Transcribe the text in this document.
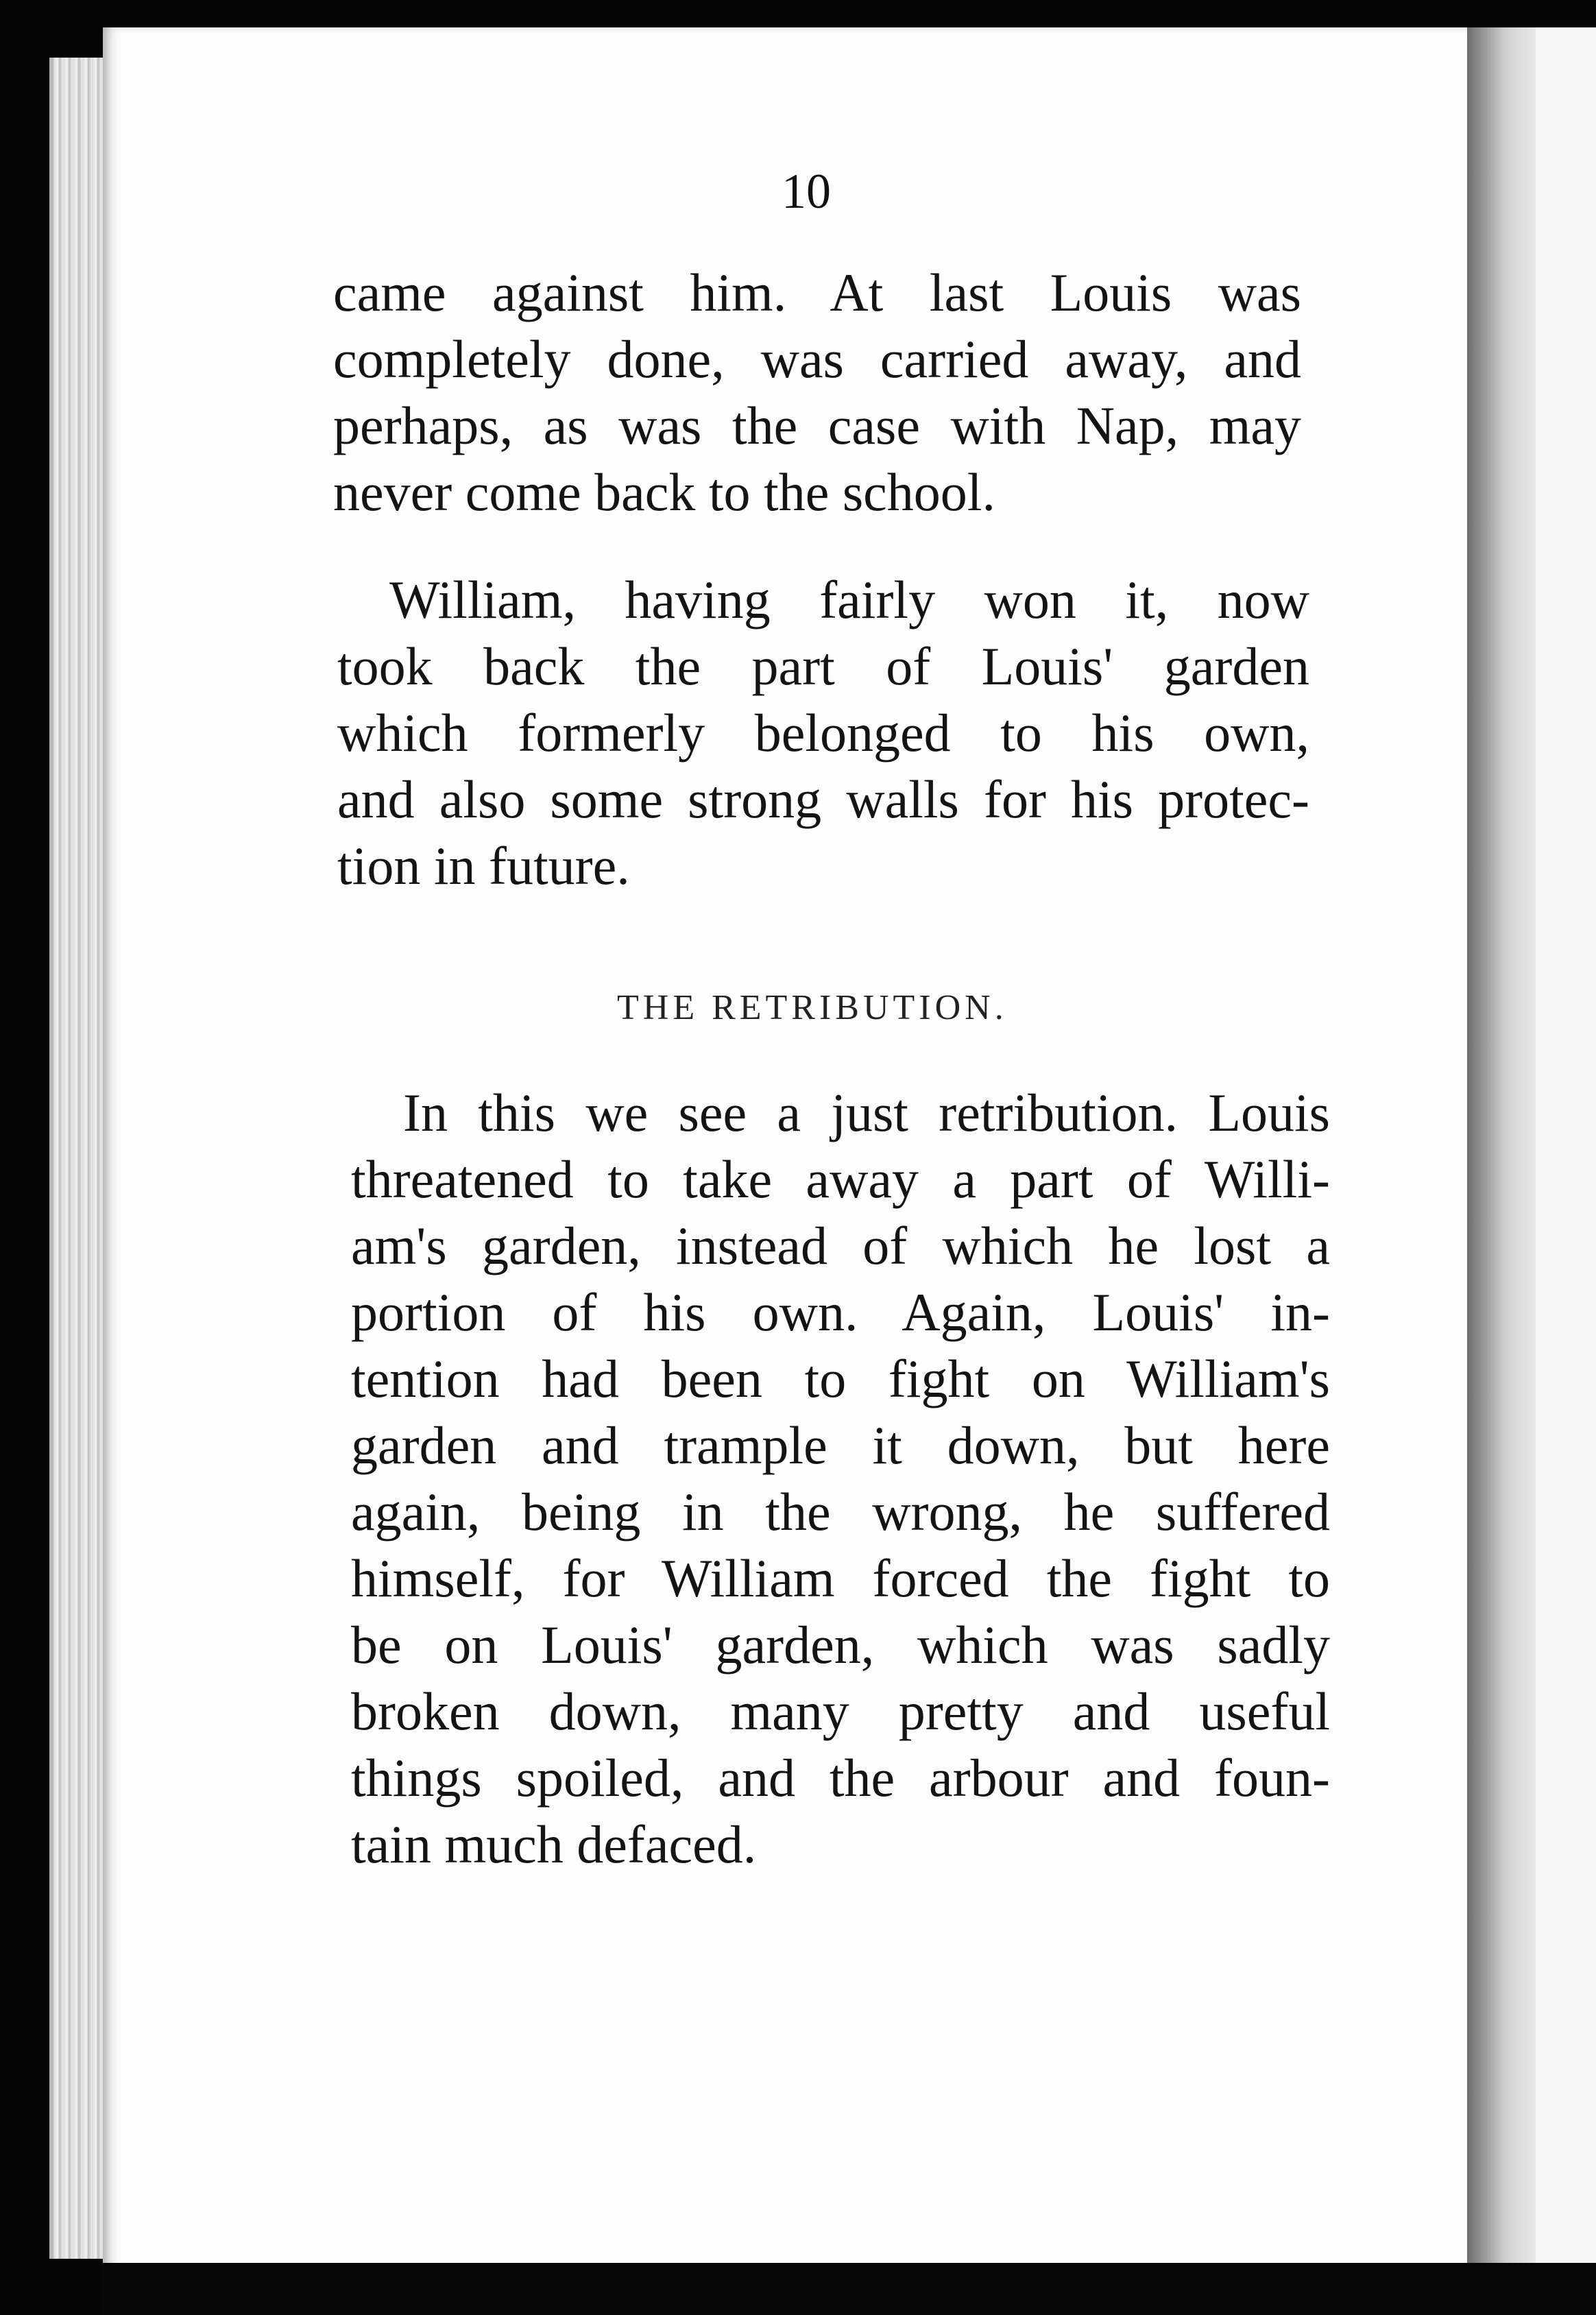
10
came against him. At last Louis was
completely done, was carried away, and
perhaps, as was the case with Nap, may
never come back to the school.
William, having fairly won it, now
took back the part of Louis' garden
which formerly belonged to his own,
and also some strong walls for his protec-
tion in future.
THE RETRIBUTION.
In this we see a just retribution. Louis
threatened to take away a part of Willi-
am's garden, instead of which he lost a
portion of his own. Again, Louis' in-
tention had been to fight on William's
garden and trample it down, but here
again, being in the wrong, he suffered
himself, for William forced the fight to
be on Louis' garden, which was sadly
broken down, many pretty and useful
things spoiled, and the arbour and foun-
tain much defaced.
